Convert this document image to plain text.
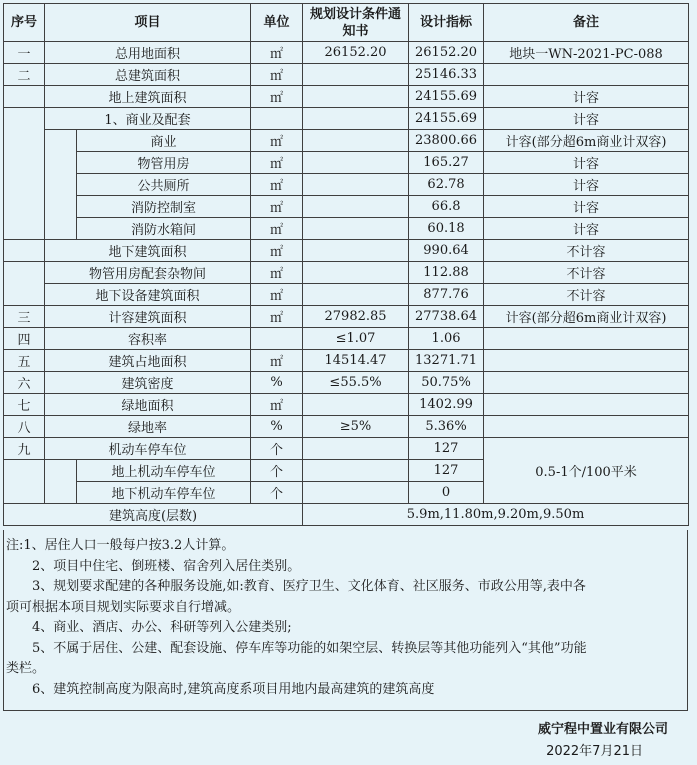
序号	项目		单位	规划设计条件通知书	设计指标	备注
一	总用地面积		㎡	26152.20	26152.20	地块一WN-2021-PC-088
二	总建筑面积		㎡		25146.33	
	地上建筑面积		㎡		24155.69	计容
	1、商业及配套				24155.69	计容
		商业	㎡		23800.66	计容(部分超6m商业计双容)
		物管用房	㎡		165.27	计容
		公共厕所	㎡		62.78	计容
		消防控制室	㎡		66.8	计容
		消防水箱间	㎡		60.18	计容
	地下建筑面积		㎡		990.64	不计容
	物管用房配套杂物间		㎡		112.88	不计容
	地下设备建筑面积		㎡		877.76	不计容
三	计容建筑面积		㎡	27982.85	27738.64	计容(部分超6m商业计双容)
四	容积率			≤1.07	1.06	
五	建筑占地面积		㎡	14514.47	13271.71	
六	建筑密度		%	≤55.5%	50.75%	
七	绿地面积		㎡		1402.99	
八	绿地率		%	≥5%	5.36%	
九	机动车停车位		个		127	0.5-1个/100平米
		地上机动车停车位	个		127	
		地下机动车停车位	个		0	
建筑高度(层数)				5.9m,11.80m,9.20m,9.50m		
注:1、居住人口一般每户按3.2人计算。
2、项目中住宅、倒班楼、宿舍列入居住类别。
3、规划要求配建的各种服务设施,如:教育、医疗卫生、文化体育、社区服务、市政公用等,表中各
项可根据本项目规划实际要求自行增减。
4、商业、酒店、办公、科研等列入公建类别;
5、不属于居住、公建、配套设施、停车库等功能的如架空层、转换层等其他功能列入“其他”功能
类栏。
6、建筑控制高度为限高时,建筑高度系项目用地内最高建筑的建筑高度
威宁程中置业有限公司
2022年7月21日
